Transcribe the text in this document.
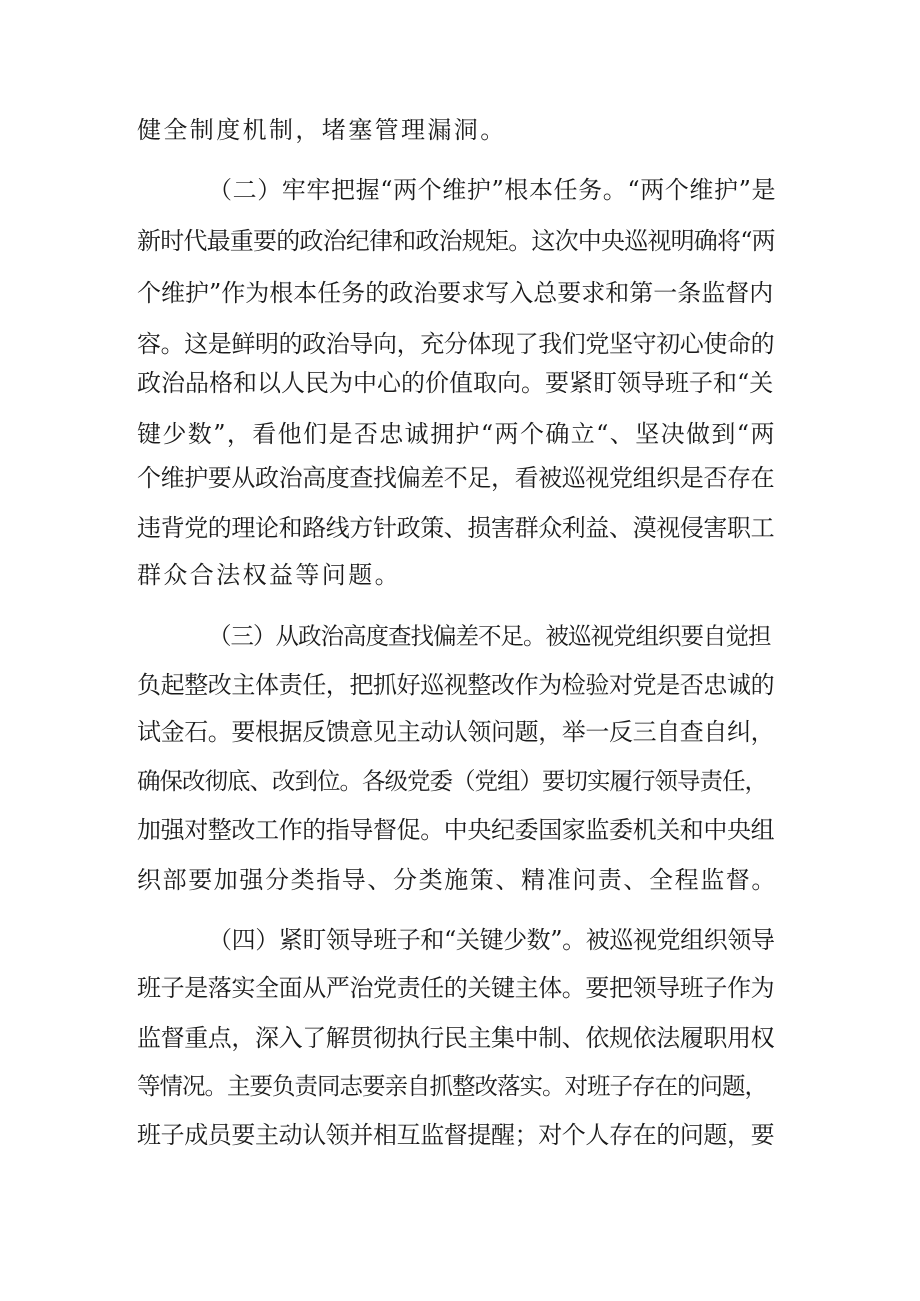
健全制度机制，堵塞管理漏洞。
（二）牢牢把握“两个维护”根本任务。“两个维护”是
新时代最重要的政治纪律和政治规矩。这次中央巡视明确将“两
个维护”作为根本任务的政治要求写入总要求和第一条监督内
容。这是鲜明的政治导向，充分体现了我们党坚守初心使命的
政治品格和以人民为中心的价值取向。要紧盯领导班子和“关
键少数”，看他们是否忠诚拥护“两个确立“、坚决做到“两
个维护要从政治高度查找偏差不足，看被巡视党组织是否存在
违背党的理论和路线方针政策、损害群众利益、漠视侵害职工
群众合法权益等问题。
（三）从政治高度查找偏差不足。被巡视党组织要自觉担
负起整改主体责任，把抓好巡视整改作为检验对党是否忠诚的
试金石。要根据反馈意见主动认领问题，举一反三自查自纠，
确保改彻底、改到位。各级党委（党组）要切实履行领导责任，
加强对整改工作的指导督促。中央纪委国家监委机关和中央组
织部要加强分类指导、分类施策、精准问责、全程监督。
（四）紧盯领导班子和“关键少数”。被巡视党组织领导
班子是落实全面从严治党责任的关键主体。要把领导班子作为
监督重点，深入了解贯彻执行民主集中制、依规依法履职用权
等情况。主要负责同志要亲自抓整改落实。对班子存在的问题，
班子成员要主动认领并相互监督提醒；对个人存在的问题，要
